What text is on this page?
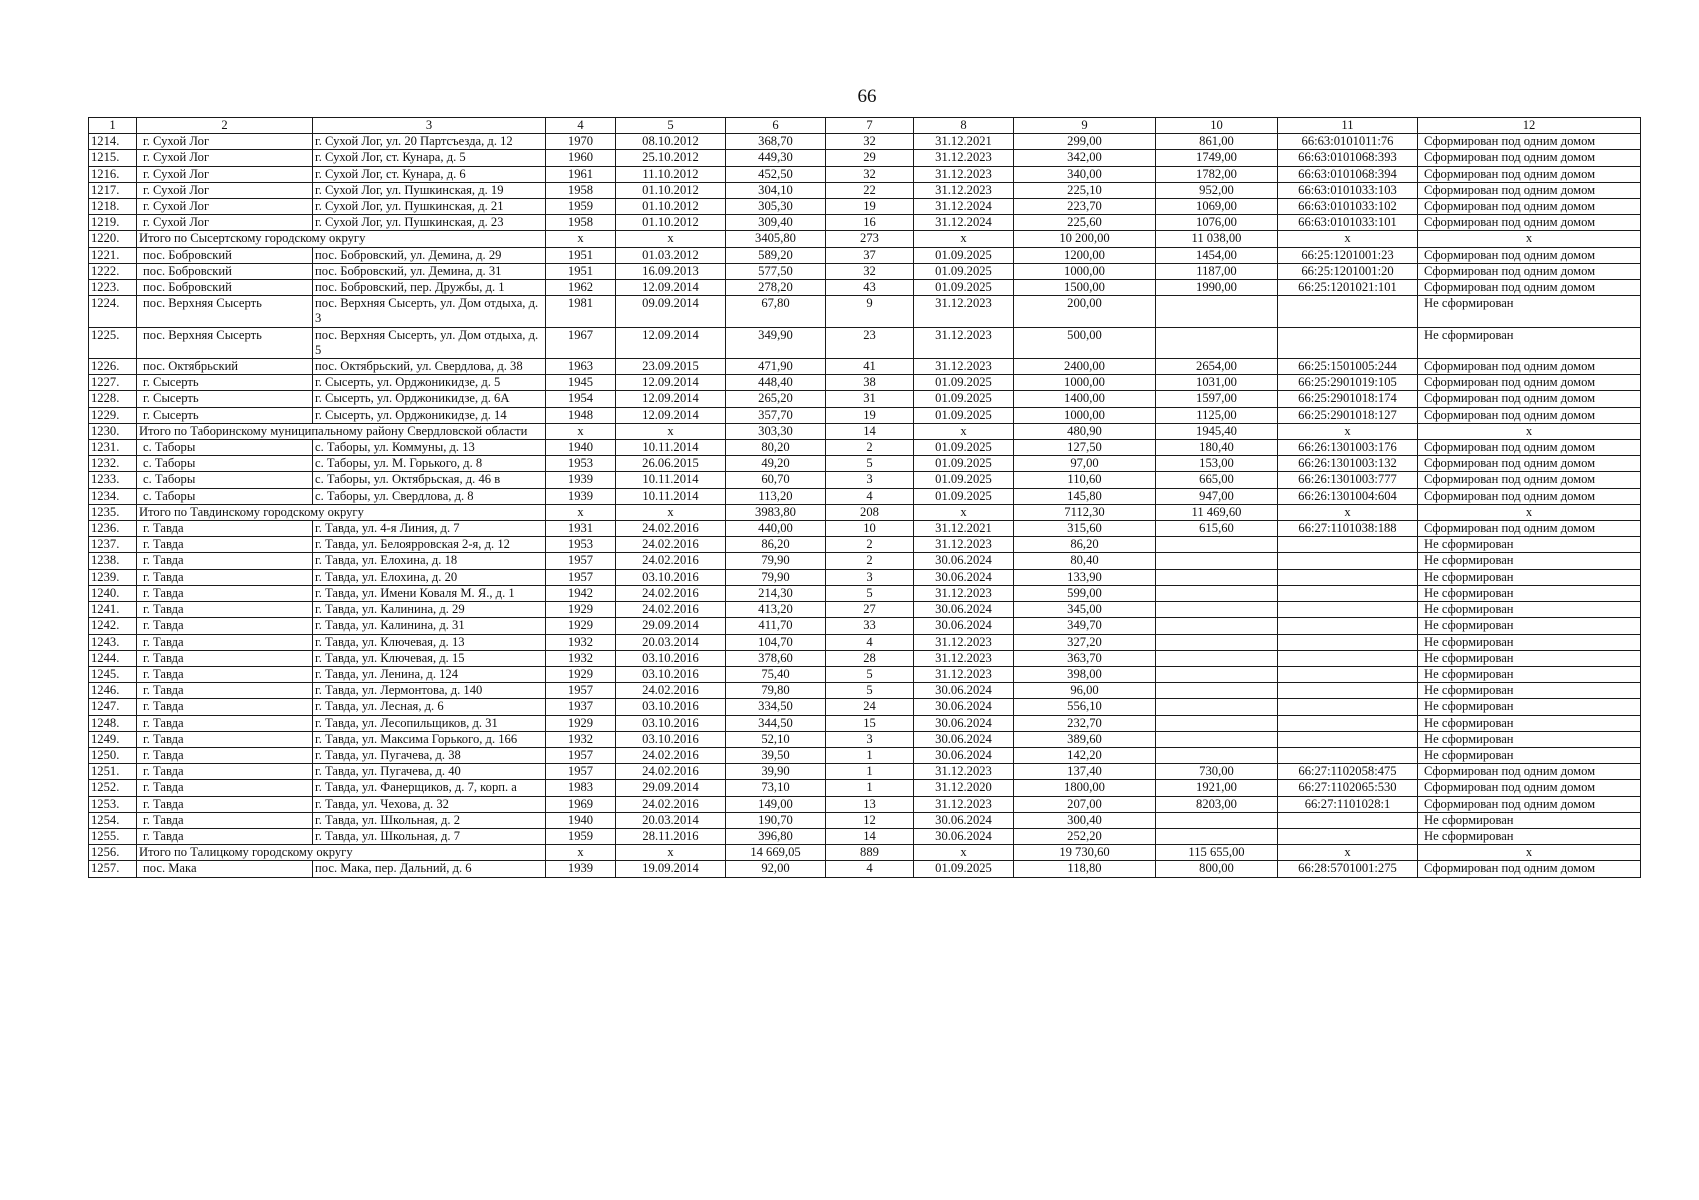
66
1	2	3	4	5	6	7	8	9	10	11	12
1214.	г. Сухой Лог	г. Сухой Лог, ул. 20 Партсъезда, д. 12	1970	08.10.2012	368,70	32	31.12.2021	299,00	861,00	66:63:0101011:76	Сформирован под одним домом
1215.	г. Сухой Лог	г. Сухой Лог, ст. Кунара, д. 5	1960	25.10.2012	449,30	29	31.12.2023	342,00	1749,00	66:63:0101068:393	Сформирован под одним домом
1216.	г. Сухой Лог	г. Сухой Лог, ст. Кунара, д. 6	1961	11.10.2012	452,50	32	31.12.2023	340,00	1782,00	66:63:0101068:394	Сформирован под одним домом
1217.	г. Сухой Лог	г. Сухой Лог, ул. Пушкинская, д. 19	1958	01.10.2012	304,10	22	31.12.2023	225,10	952,00	66:63:0101033:103	Сформирован под одним домом
1218.	г. Сухой Лог	г. Сухой Лог, ул. Пушкинская, д. 21	1959	01.10.2012	305,30	19	31.12.2024	223,70	1069,00	66:63:0101033:102	Сформирован под одним домом
1219.	г. Сухой Лог	г. Сухой Лог, ул. Пушкинская, д. 23	1958	01.10.2012	309,40	16	31.12.2024	225,60	1076,00	66:63:0101033:101	Сформирован под одним домом
1220.	Итого по Сысертскому городскому округу		x	x	3405,80	273	x	10 200,00	11 038,00	x	x
1221.	пос. Бобровский	пос. Бобровский, ул. Демина, д. 29	1951	01.03.2012	589,20	37	01.09.2025	1200,00	1454,00	66:25:1201001:23	Сформирован под одним домом
1222.	пос. Бобровский	пос. Бобровский, ул. Демина, д. 31	1951	16.09.2013	577,50	32	01.09.2025	1000,00	1187,00	66:25:1201001:20	Сформирован под одним домом
1223.	пос. Бобровский	пос. Бобровский, пер. Дружбы, д. 1	1962	12.09.2014	278,20	43	01.09.2025	1500,00	1990,00	66:25:1201021:101	Сформирован под одним домом
1224.	пос. Верхняя Сысерть	пос. Верхняя Сысерть, ул. Дом отдыха, д. 3	1981	09.09.2014	67,80	9	31.12.2023	200,00			Не сформирован
1225.	пос. Верхняя Сысерть	пос. Верхняя Сысерть, ул. Дом отдыха, д. 5	1967	12.09.2014	349,90	23	31.12.2023	500,00			Не сформирован
1226.	пос. Октябрьский	пос. Октябрьский, ул. Свердлова, д. 38	1963	23.09.2015	471,90	41	31.12.2023	2400,00	2654,00	66:25:1501005:244	Сформирован под одним домом
1227.	г. Сысерть	г. Сысерть, ул. Орджоникидзе, д. 5	1945	12.09.2014	448,40	38	01.09.2025	1000,00	1031,00	66:25:2901019:105	Сформирован под одним домом
1228.	г. Сысерть	г. Сысерть, ул. Орджоникидзе, д. 6А	1954	12.09.2014	265,20	31	01.09.2025	1400,00	1597,00	66:25:2901018:174	Сформирован под одним домом
1229.	г. Сысерть	г. Сысерть, ул. Орджоникидзе, д. 14	1948	12.09.2014	357,70	19	01.09.2025	1000,00	1125,00	66:25:2901018:127	Сформирован под одним домом
1230.	Итого по Таборинскому муниципальному району Свердловской области		x	x	303,30	14	x	480,90	1945,40	x	x
1231.	с. Таборы	с. Таборы, ул. Коммуны, д. 13	1940	10.11.2014	80,20	2	01.09.2025	127,50	180,40	66:26:1301003:176	Сформирован под одним домом
1232.	с. Таборы	с. Таборы, ул. М. Горького, д. 8	1953	26.06.2015	49,20	5	01.09.2025	97,00	153,00	66:26:1301003:132	Сформирован под одним домом
1233.	с. Таборы	с. Таборы, ул. Октябрьская, д. 46 в	1939	10.11.2014	60,70	3	01.09.2025	110,60	665,00	66:26:1301003:777	Сформирован под одним домом
1234.	с. Таборы	с. Таборы, ул. Свердлова, д. 8	1939	10.11.2014	113,20	4	01.09.2025	145,80	947,00	66:26:1301004:604	Сформирован под одним домом
1235.	Итого по Тавдинскому городскому округу		x	x	3983,80	208	x	7112,30	11 469,60	x	x
1236.	г. Тавда	г. Тавда, ул. 4-я Линия, д. 7	1931	24.02.2016	440,00	10	31.12.2021	315,60	615,60	66:27:1101038:188	Сформирован под одним домом
1237.	г. Тавда	г. Тавда, ул. Белоярровская 2-я, д. 12	1953	24.02.2016	86,20	2	31.12.2023	86,20			Не сформирован
1238.	г. Тавда	г. Тавда, ул. Елохина, д. 18	1957	24.02.2016	79,90	2	30.06.2024	80,40			Не сформирован
1239.	г. Тавда	г. Тавда, ул. Елохина, д. 20	1957	03.10.2016	79,90	3	30.06.2024	133,90			Не сформирован
1240.	г. Тавда	г. Тавда, ул. Имени Коваля М. Я., д. 1	1942	24.02.2016	214,30	5	31.12.2023	599,00			Не сформирован
1241.	г. Тавда	г. Тавда, ул. Калинина, д. 29	1929	24.02.2016	413,20	27	30.06.2024	345,00			Не сформирован
1242.	г. Тавда	г. Тавда, ул. Калинина, д. 31	1929	29.09.2014	411,70	33	30.06.2024	349,70			Не сформирован
1243.	г. Тавда	г. Тавда, ул. Ключевая, д. 13	1932	20.03.2014	104,70	4	31.12.2023	327,20			Не сформирован
1244.	г. Тавда	г. Тавда, ул. Ключевая, д. 15	1932	03.10.2016	378,60	28	31.12.2023	363,70			Не сформирован
1245.	г. Тавда	г. Тавда, ул. Ленина, д. 124	1929	03.10.2016	75,40	5	31.12.2023	398,00			Не сформирован
1246.	г. Тавда	г. Тавда, ул. Лермонтова, д. 140	1957	24.02.2016	79,80	5	30.06.2024	96,00			Не сформирован
1247.	г. Тавда	г. Тавда, ул. Лесная, д. 6	1937	03.10.2016	334,50	24	30.06.2024	556,10			Не сформирован
1248.	г. Тавда	г. Тавда, ул. Лесопильщиков, д. 31	1929	03.10.2016	344,50	15	30.06.2024	232,70			Не сформирован
1249.	г. Тавда	г. Тавда, ул. Максима Горького, д. 166	1932	03.10.2016	52,10	3	30.06.2024	389,60			Не сформирован
1250.	г. Тавда	г. Тавда, ул. Пугачева, д. 38	1957	24.02.2016	39,50	1	30.06.2024	142,20			Не сформирован
1251.	г. Тавда	г. Тавда, ул. Пугачева, д. 40	1957	24.02.2016	39,90	1	31.12.2023	137,40	730,00	66:27:1102058:475	Сформирован под одним домом
1252.	г. Тавда	г. Тавда, ул. Фанерщиков, д. 7, корп. а	1983	29.09.2014	73,10	1	31.12.2020	1800,00	1921,00	66:27:1102065:530	Сформирован под одним домом
1253.	г. Тавда	г. Тавда, ул. Чехова, д. 32	1969	24.02.2016	149,00	13	31.12.2023	207,00	8203,00	66:27:1101028:1	Сформирован под одним домом
1254.	г. Тавда	г. Тавда, ул. Школьная, д. 2	1940	20.03.2014	190,70	12	30.06.2024	300,40			Не сформирован
1255.	г. Тавда	г. Тавда, ул. Школьная, д. 7	1959	28.11.2016	396,80	14	30.06.2024	252,20			Не сформирован
1256.	Итого по Талицкому городскому округу		x	x	14 669,05	889	x	19 730,60	115 655,00	x	x
1257.	пос. Мака	пос. Мака, пер. Дальний, д. 6	1939	19.09.2014	92,00	4	01.09.2025	118,80	800,00	66:28:5701001:275	Сформирован под одним домом
